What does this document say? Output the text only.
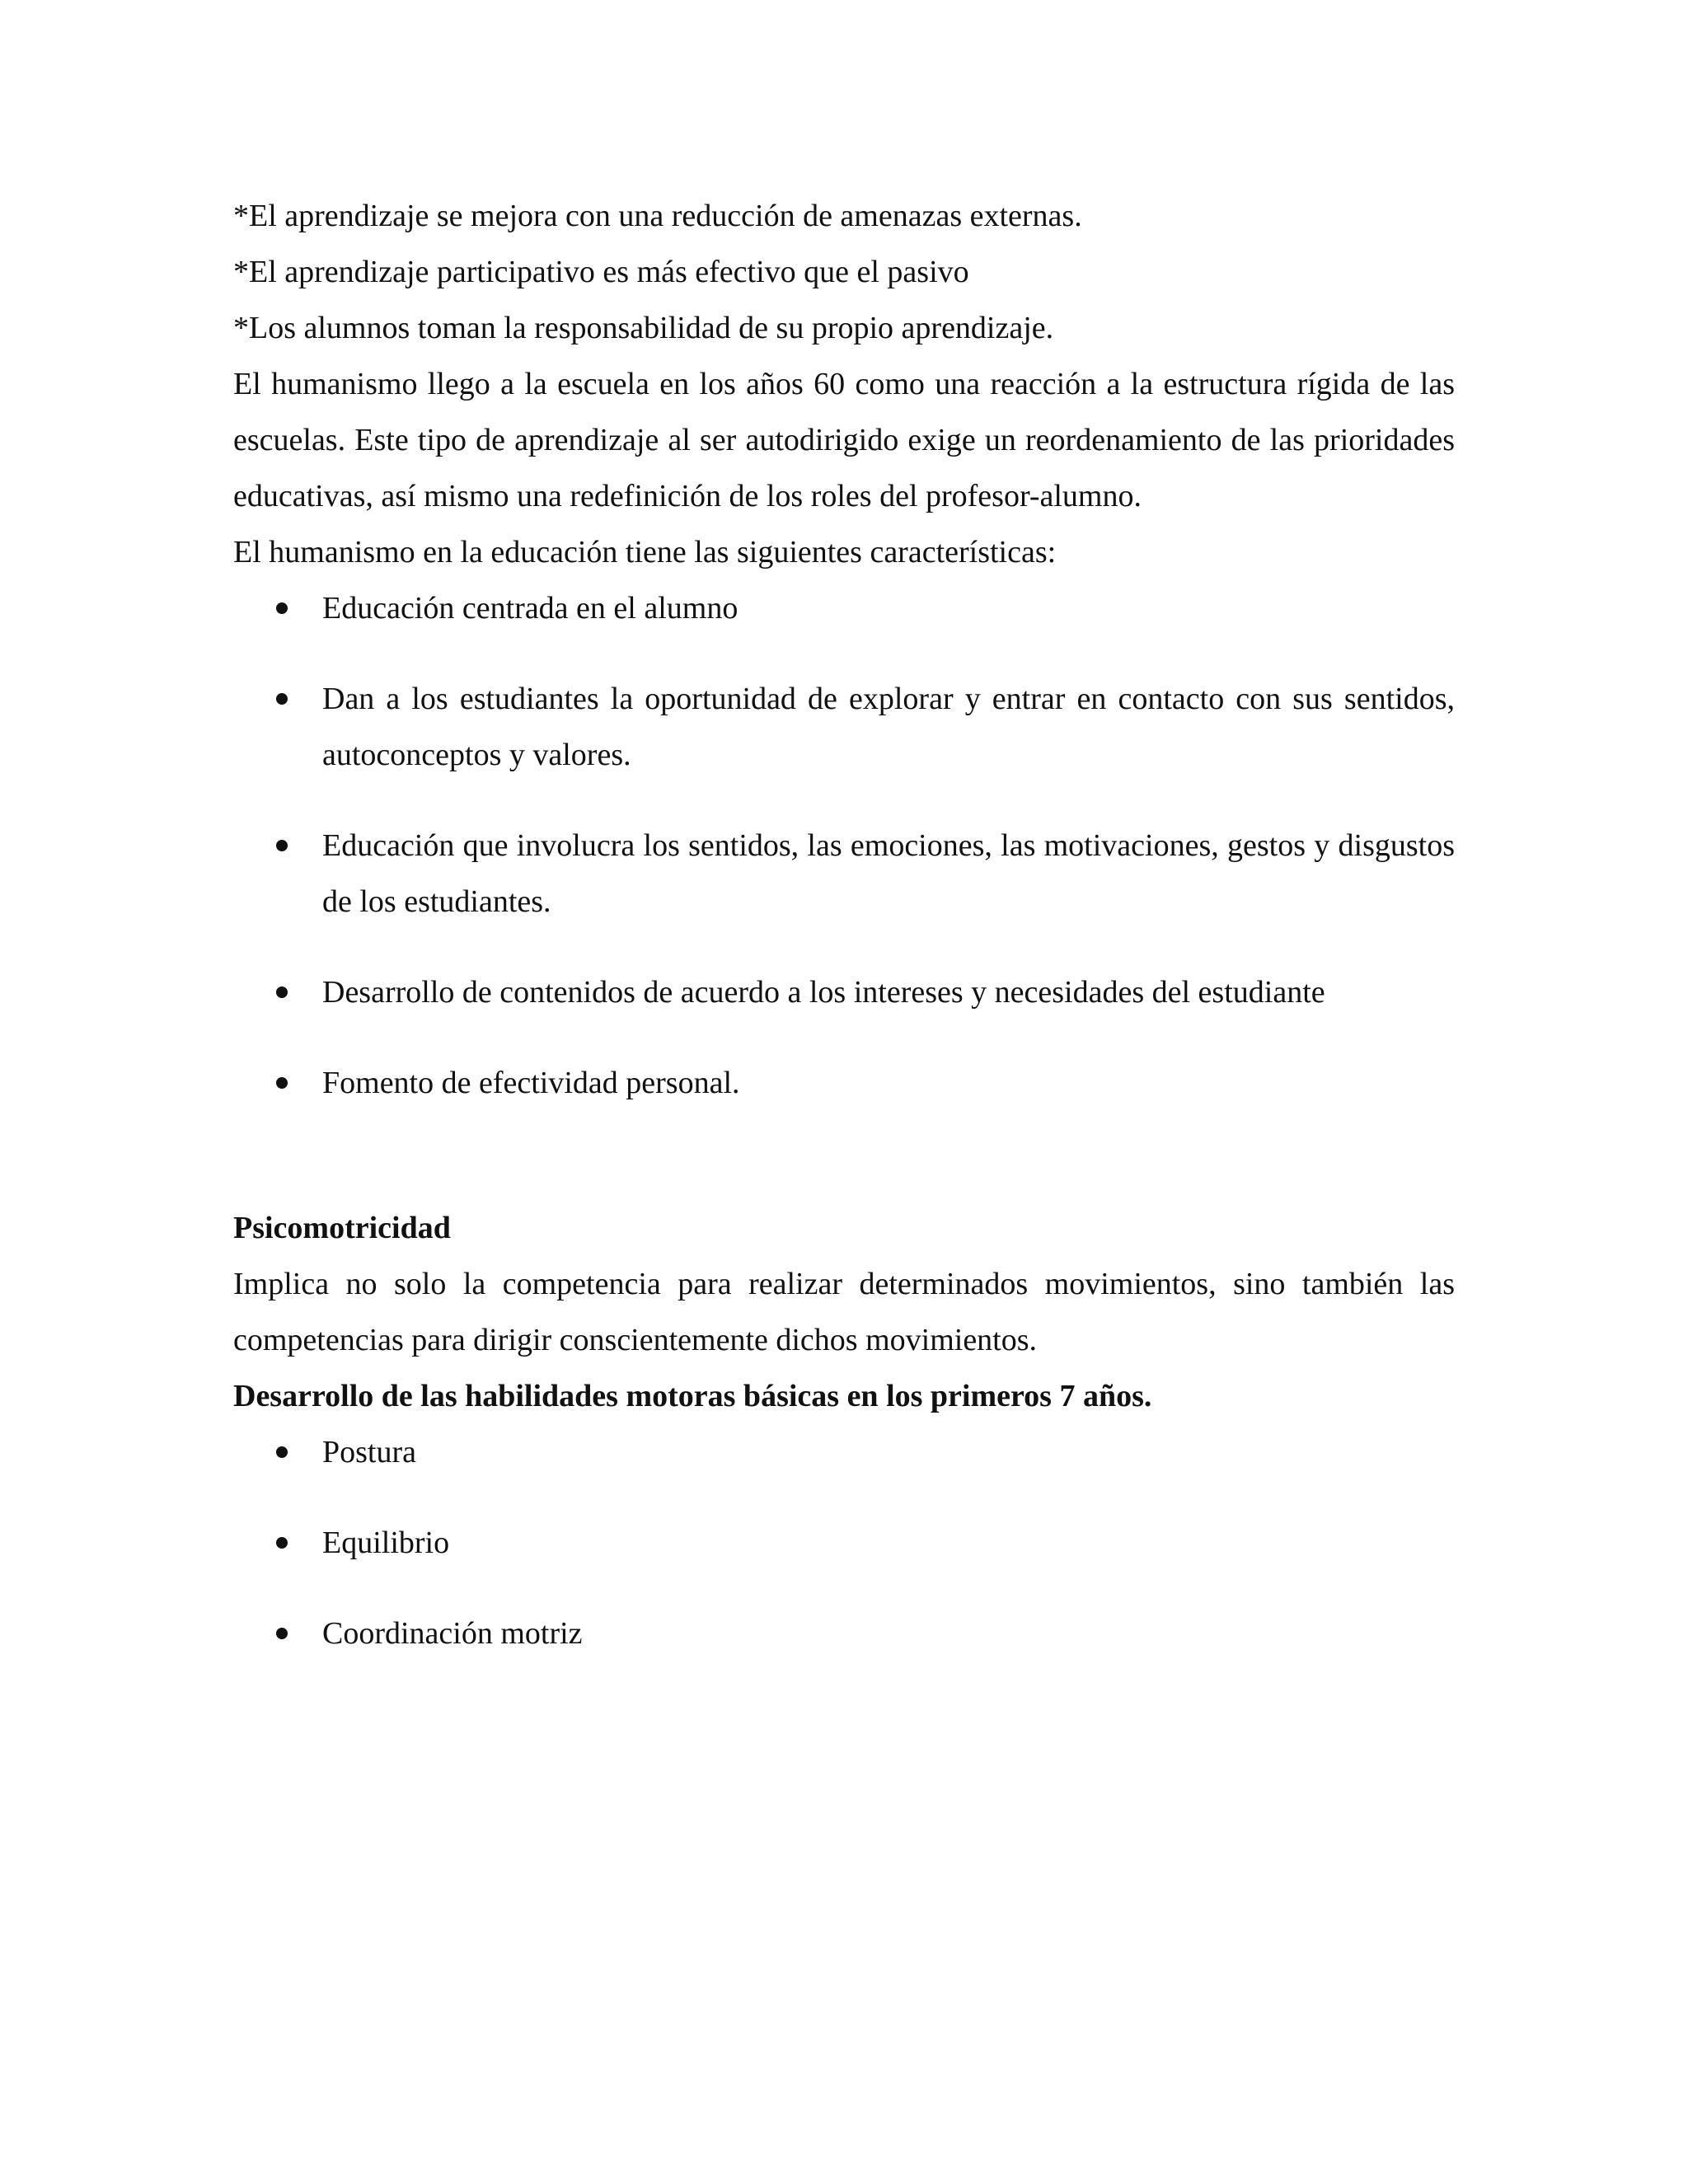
*El aprendizaje se mejora con una reducción de amenazas externas.

*El aprendizaje participativo es más efectivo que el pasivo

*Los alumnos toman la responsabilidad de su propio aprendizaje.

El humanismo llego a la escuela en los años 60 como una reacción a la estructura rígida de las escuelas. Este tipo de aprendizaje al ser autodirigido exige un reordenamiento de las prioridades educativas, así mismo una redefinición de los roles del profesor-alumno.

El humanismo en la educación tiene las siguientes características:

Educación centrada en el alumno
Dan a los estudiantes la oportunidad de explorar y entrar en contacto con sus sentidos, autoconceptos y valores.
Educación que involucra los sentidos, las emociones, las motivaciones, gestos y disgustos de los estudiantes.
Desarrollo de contenidos de acuerdo a los intereses y necesidades del estudiante
Fomento de efectividad personal.

Psicomotricidad

Implica no solo la competencia para realizar determinados movimientos, sino también las competencias para dirigir conscientemente dichos movimientos.

Desarrollo de las habilidades motoras básicas en los primeros 7 años.

Postura
Equilibrio
Coordinación motriz
